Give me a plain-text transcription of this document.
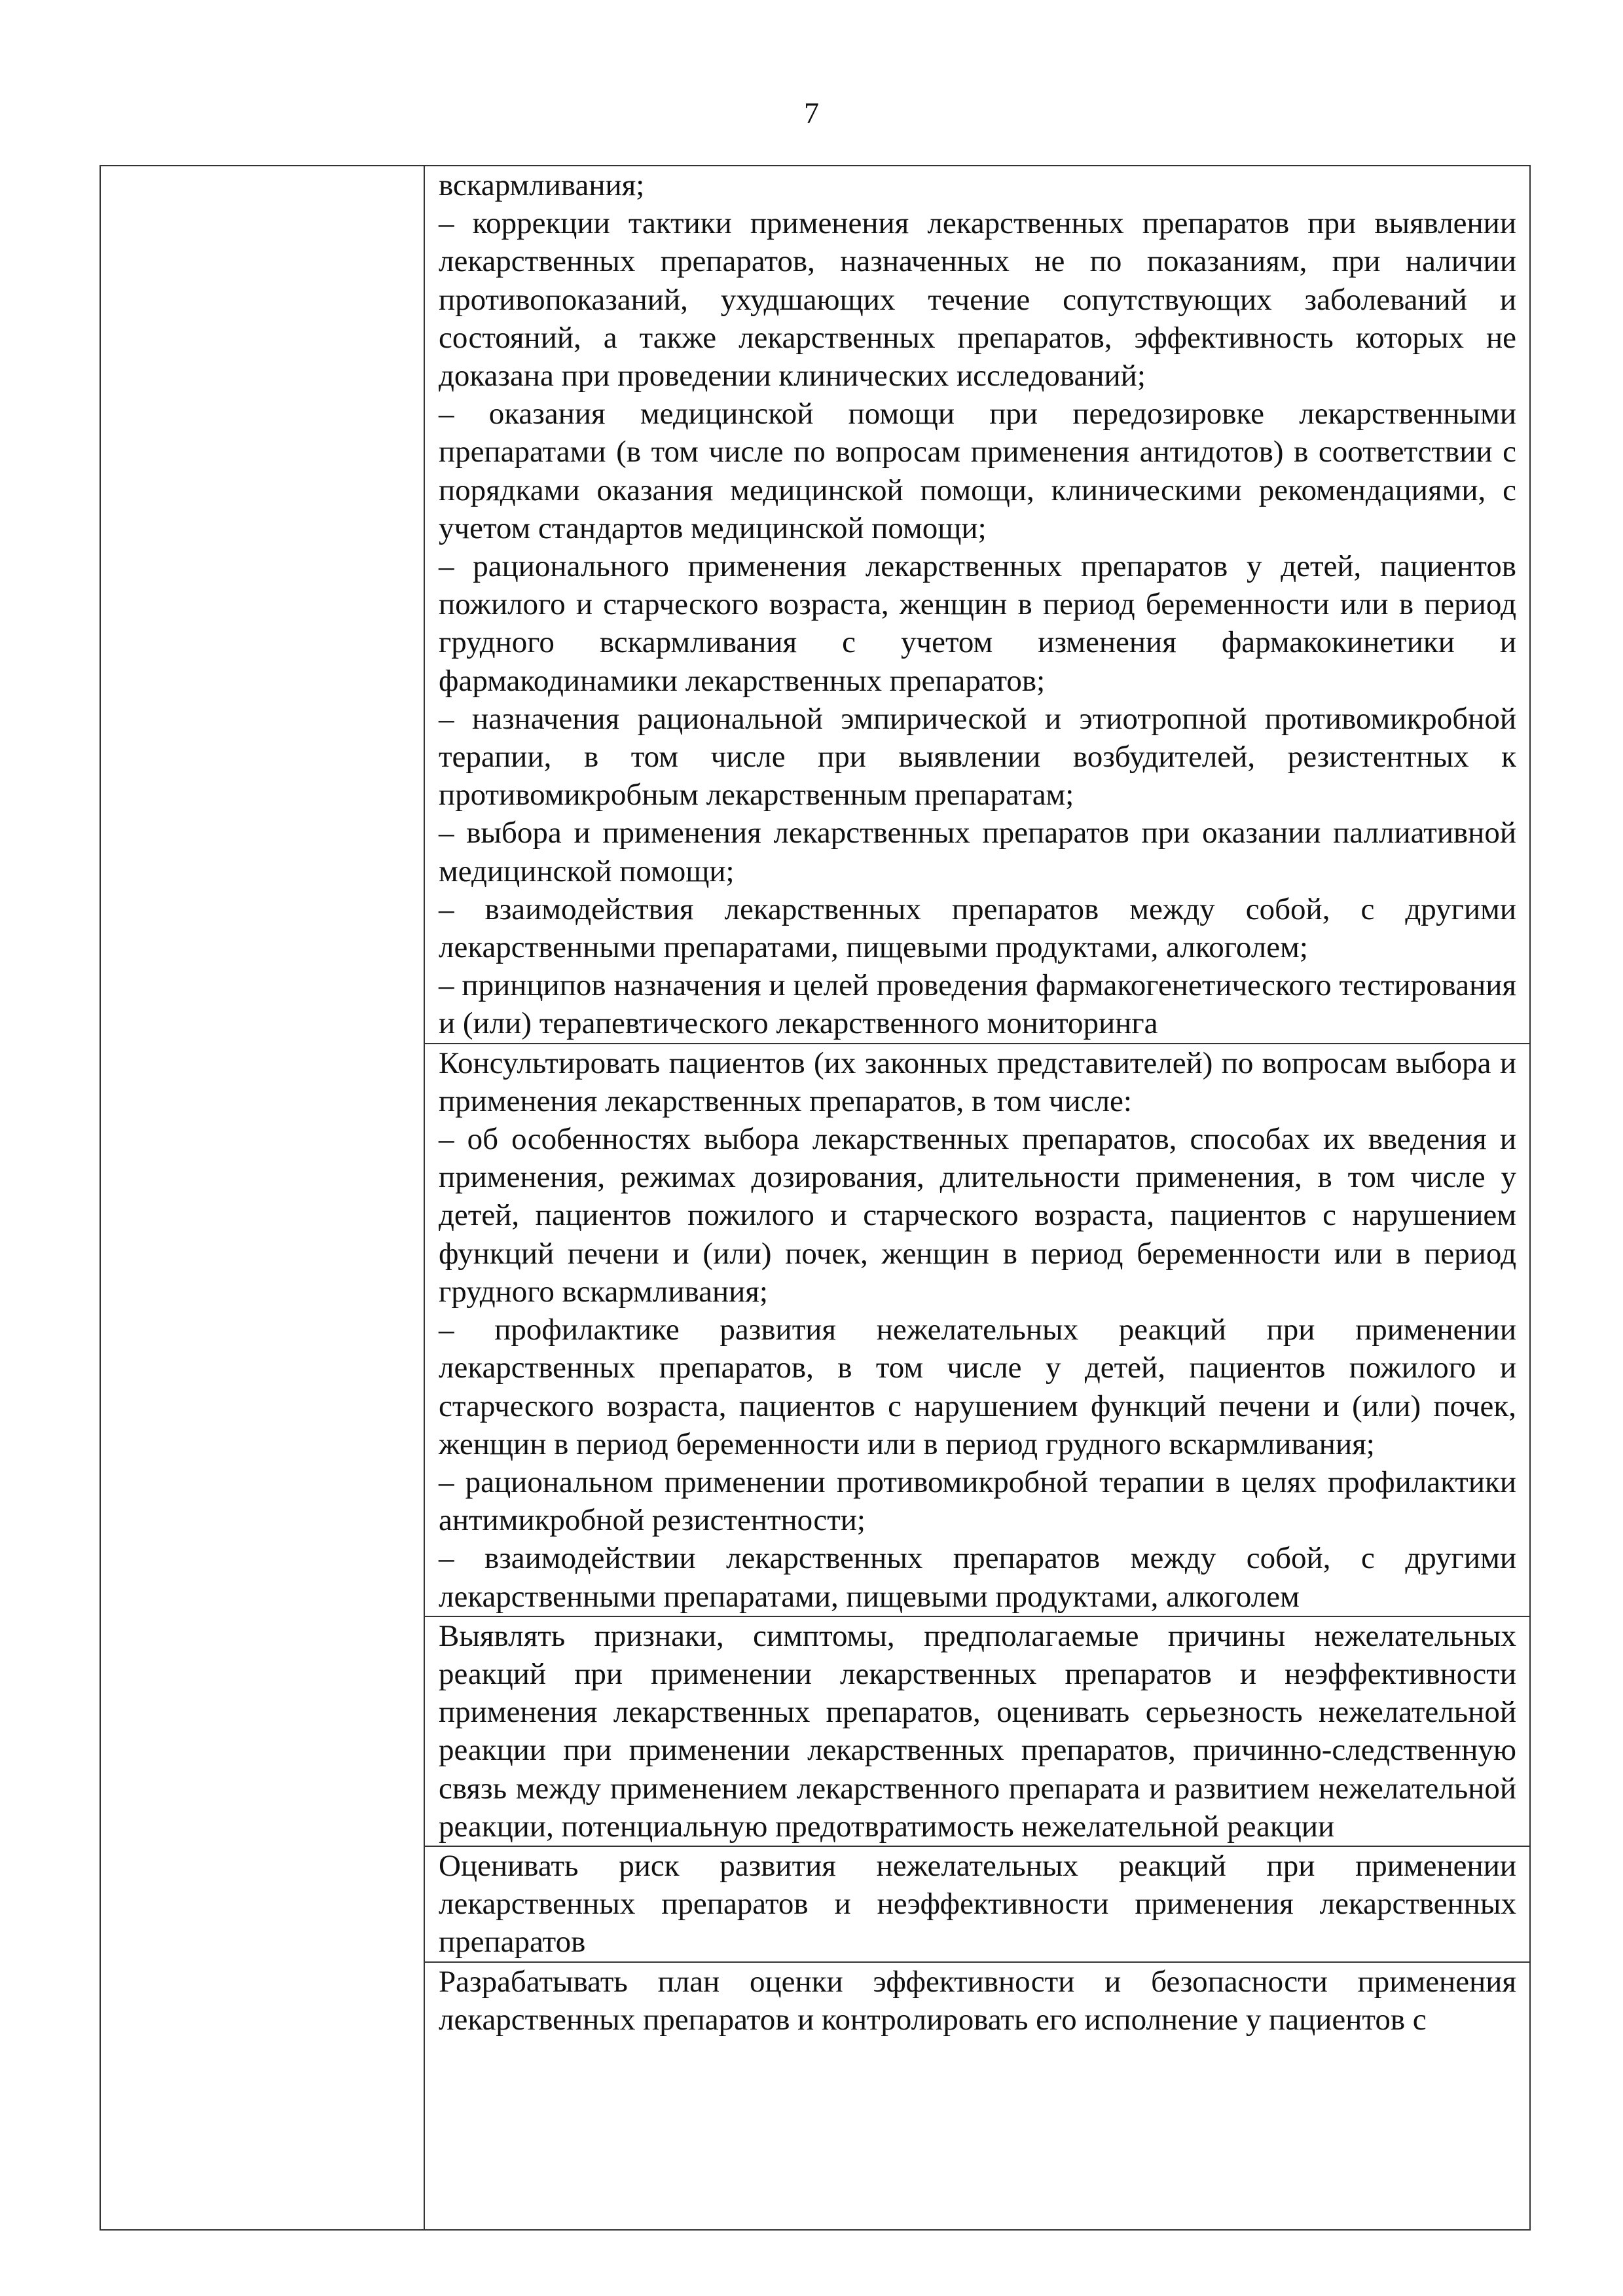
7

вскармливания;

– коррекции тактики применения лекарственных препаратов при выявлении лекарственных препаратов, назначенных не по показаниям, при наличии противопоказаний, ухудшающих течение сопутствующих заболеваний и состояний, а также лекарственных препаратов, эффективность которых не доказана при проведении клинических исследований;

– оказания медицинской помощи при передозировке лекарственными препаратами (в том числе по вопросам применения антидотов) в соответствии с порядками оказания медицинской помощи, клиническими рекомендациями, с учетом стандартов медицинской помощи;

– рационального применения лекарственных препаратов у детей, пациентов пожилого и старческого возраста, женщин в период беременности или в период грудного вскармливания с учетом изменения фармакокинетики и фармакодинамики лекарственных препаратов;

– назначения рациональной эмпирической и этиотропной противомикробной терапии, в том числе при выявлении возбудителей, резистентных к противомикробным лекарственным препаратам;

– выбора и применения лекарственных препаратов при оказании паллиативной медицинской помощи;

– взаимодействия лекарственных препаратов между собой, с другими лекарственными препаратами, пищевыми продуктами, алкоголем;

– принципов назначения и целей проведения фармакогенетического тестирования и (или) терапевтического лекарственного мониторинга

Консультировать пациентов (их законных представителей) по вопросам выбора и применения лекарственных препаратов, в том числе:

– об особенностях выбора лекарственных препаратов, способах их введения и применения, режимах дозирования, длительности применения, в том числе у детей, пациентов пожилого и старческого возраста, пациентов с нарушением функций печени и (или) почек, женщин в период беременности или в период грудного вскармливания;

– профилактике развития нежелательных реакций при применении лекарственных препаратов, в том числе у детей, пациентов пожилого и старческого возраста, пациентов с нарушением функций печени и (или) почек, женщин в период беременности или в период грудного вскармливания;

– рациональном применении противомикробной терапии в целях профилактики антимикробной резистентности;

– взаимодействии лекарственных препаратов между собой, с другими лекарственными препаратами, пищевыми продуктами, алкоголем

Выявлять признаки, симптомы, предполагаемые причины нежелательных реакций при применении лекарственных препаратов и неэффективности применения лекарственных препаратов, оценивать серьезность нежелательной реакции при применении лекарственных препаратов, причинно-следственную связь между применением лекарственного препарата и развитием нежелательной реакции, потенциальную предотвратимость нежелательной реакции

Оценивать риск развития нежелательных реакций при применении лекарственных препаратов и неэффективности применения лекарственных препаратов

Разрабатывать план оценки эффективности и безопасности применения лекарственных препаратов и контролировать его исполнение у пациентов с
